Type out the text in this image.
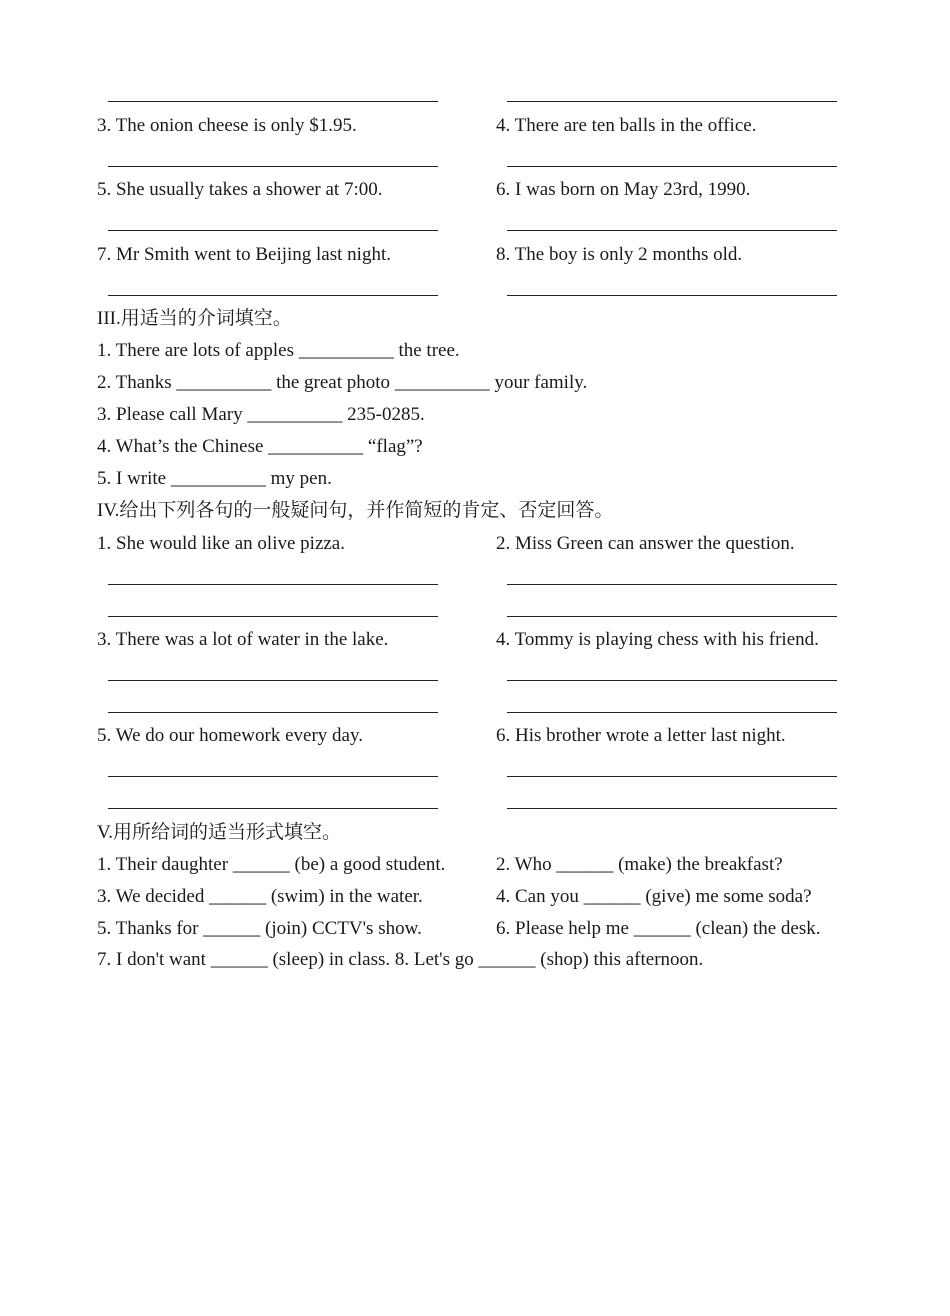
3. The onion cheese is only $1.95.	4. There are ten balls in the office.
5. She usually takes a shower at 7:00.	6. I was born on May 23rd, 1990.
7. Mr Smith went to Beijing last night.	8. The boy is only 2 months old.
III.用适当的介词填空。
1. There are lots of apples __________ the tree.
2. Thanks __________ the great photo __________ your family.
3. Please call Mary __________ 235-0285.
4. What’s the Chinese __________ “flag”?
5. I write __________ my pen.
IV.给出下列各句的一般疑问句，并作简短的肯定、否定回答。
1. She would like an olive pizza.	2. Miss Green can answer the question.
3. There was a lot of water in the lake.	4. Tommy is playing chess with his friend.
5. We do our homework every day.	6. His brother wrote a letter last night.
V.用所给词的适当形式填空。
1. Their daughter ______ (be) a good student.	2. Who ______ (make) the breakfast?
3. We decided ______ (swim) in the water.	4. Can you ______ (give) me some soda?
5. Thanks for ______ (join) CCTV's show.	6. Please help me ______ (clean) the desk.
7. I don't want ______ (sleep) in class. 8. Let's go ______ (shop) this afternoon.
